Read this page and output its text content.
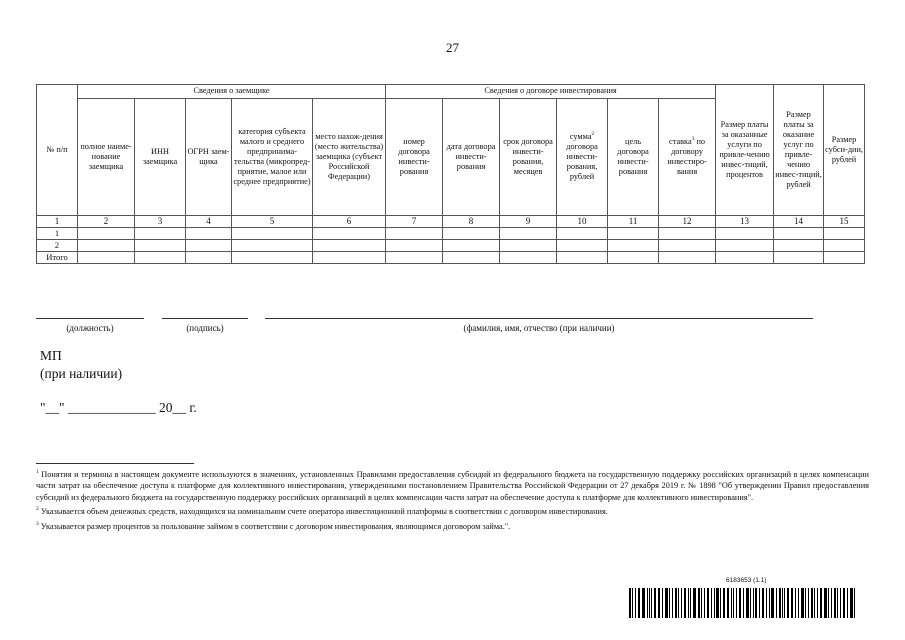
27
№ п/п	Сведения о заемщике					Сведения о договоре инвестирования						Размер платы за оказанные услуги по привле-чению инвес-тиций, процентов	Размер платы за оказание услуг по привле-чению инвес-тиций, рублей	Размер субси-дии, рублей
	полное наиме-нование заемщика	ИНН заемщика	ОГРН заем-щика	категория субъекта малого и среднего предпринима-тельства (микропред-приятие, малое или среднее предприятие)	место нахож-дения (место жительства) заемщика (субъект Российской Федерации)	номер договора инвести-рования	дата договора инвести-рования	срок договора инвести-рования, месяцев	сумма$^2$ договора инвести-рования, рублей	цель договора инвести-рования	ставка$^3$ по договору инвестиро-вания			
1	2	3	4	5	6	7	8	9	10	11	12	13	14	15
1														
2														
Итого														
(должность)	(подпись)	(фамилия, имя, отчество (при наличии)
МП
(при наличии)
"__" _____________ 20__ г.

$^1$ Понятия и термины в настоящем документе используются в значениях, установленных Правилами предоставления субсидий из федерального бюджета на государственную поддержку российских организаций в целях компенсации части затрат на обеспечение доступа к платформе для коллективного инвестирования, утвержденными постановлением Правительства Российской Федерации от 27 декабря 2019 г. № 1898 "Об утверждении Правил предоставления субсидий из федерального бюджета на государственную поддержку российских организаций в целях компенсации части затрат на обеспечение доступа к платформе для коллективного инвестирования".

$^2$ Указывается объем денежных средств, находящихся на номинальном счете оператора инвестиционной платформы в соответствии с договором инвестирования.

$^3$ Указывается размер процентов за пользование займом в соответствии с договором инвестирования, являющимся договором займа.".

6183653 (1.1)
